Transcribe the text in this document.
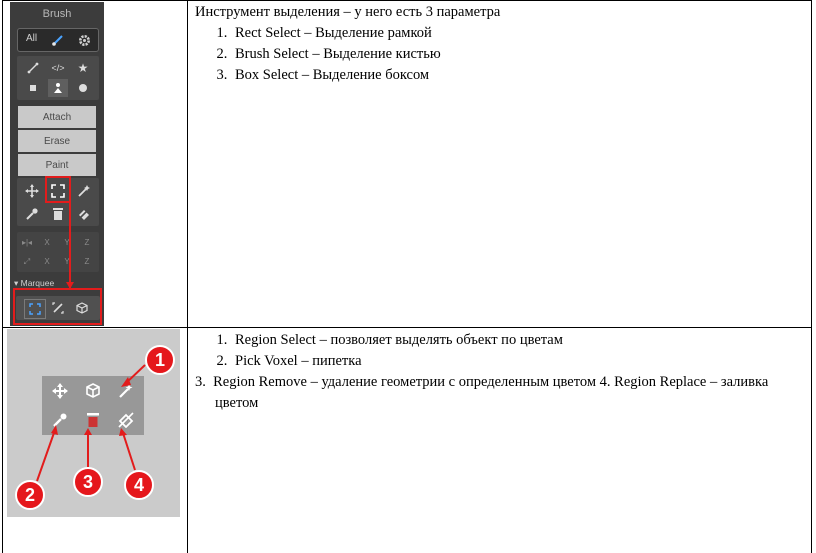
Инструмент выделения – у него есть 3 параметра
1. Rect Select – Выделение рамкой
2. Brush Select – Выделение кистью
3. Box Select – Выделение боксом
1. Region Select – позволяет выделять объект по цветам
2. Pick Voxel – пипетка
3.  Region Remove – удаление геометрии с определенным цветом 4. Region Replace – заливка цветом
Brush
All
</>	★
Attach
Erase
Paint
▸|◂	X	Y	Z
⤢	X	Y	Z
▾ Marquee
1
2
3	4
